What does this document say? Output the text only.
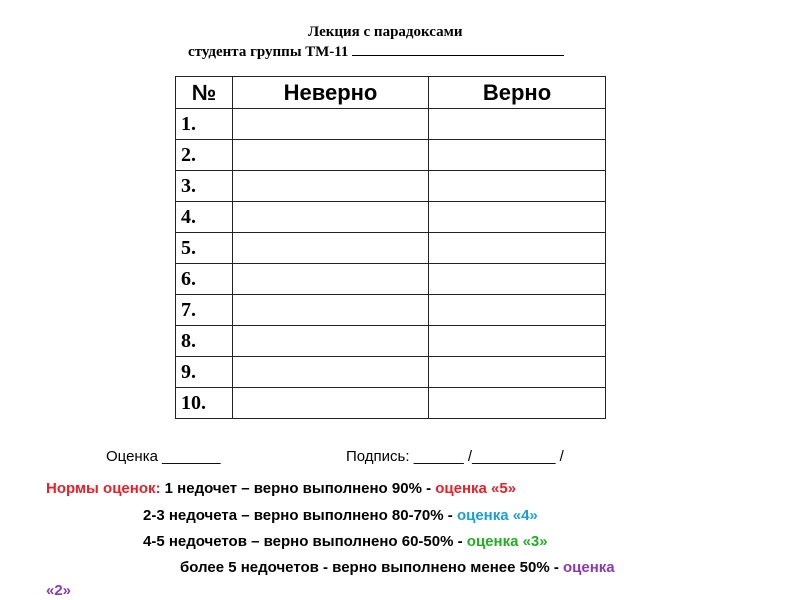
Лекция с парадоксами
студента группы ТМ-11
№	Неверно	Верно
1.		
2.		
3.		
4.		
5.		
6.		
7.		
8.		
9.		
10.		
Оценка _______	Подпись: ______ /__________ /
Нормы оценок: 1 недочет – верно выполнено 90% - оценка «5»
2-3 недочета – верно выполнено 80-70% - оценка «4»
4-5 недочетов – верно выполнено 60-50% - оценка «3»
более 5 недочетов - верно выполнено менее 50% - оценка
«2»
